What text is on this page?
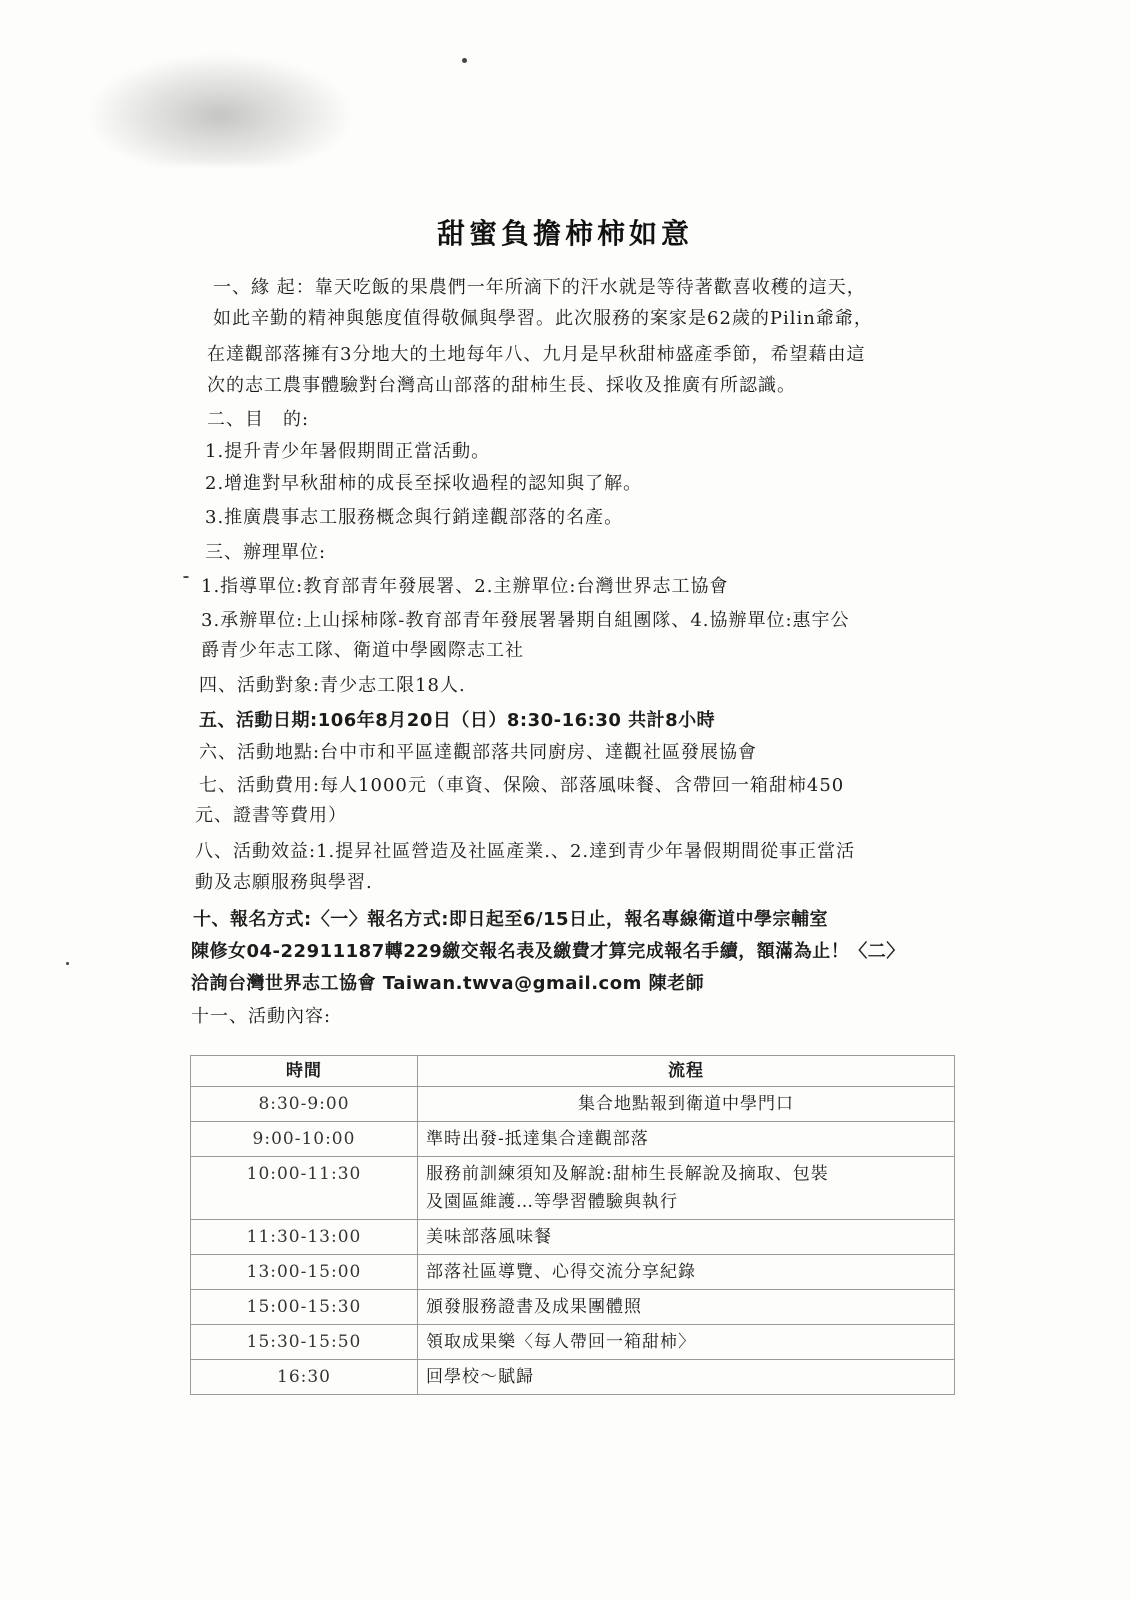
甜蜜負擔柿柿如意
一、緣 起：靠天吃飯的果農們一年所滴下的汗水就是等待著歡喜收穫的這天，
如此辛勤的精神與態度值得敬佩與學習。此次服務的案家是62歲的Pilin爺爺，
在達觀部落擁有3分地大的土地每年八、九月是早秋甜柿盛產季節，希望藉由這
次的志工農事體驗對台灣高山部落的甜柿生長、採收及推廣有所認識。
二、目　的:
1.提升青少年暑假期間正當活動。
2.增進對早秋甜柿的成長至採收過程的認知與了解。
3.推廣農事志工服務概念與行銷達觀部落的名產。
三、辦理單位:
1.指導單位:教育部青年發展署、2.主辦單位:台灣世界志工協會
3.承辦單位:上山採柿隊-教育部青年發展署暑期自組團隊、4.協辦單位:惠宇公
爵青少年志工隊、衛道中學國際志工社
四、活動對象:青少志工限18人.
五、活動日期:106年8月20日（日）8:30-16:30 共計8小時
六、活動地點:台中市和平區達觀部落共同廚房、達觀社區發展協會
七、活動費用:每人1000元（車資、保險、部落風味餐、含帶回一箱甜柿450
元、證書等費用）
八、活動效益:1.提昇社區營造及社區產業.、2.達到青少年暑假期間從事正當活
動及志願服務與學習.
十、報名方式:〈一〉報名方式:即日起至6/15日止，報名專線衛道中學宗輔室
陳修女04-22911187轉229繳交報名表及繳費才算完成報名手續，額滿為止！〈二〉
洽詢台灣世界志工協會 Taiwan.twva@gmail.com 陳老師
十一、活動內容:
時間	流程
8:30-9:00	集合地點報到衛道中學門口
9:00-10:00	準時出發-抵達集合達觀部落
10:00-11:30	服務前訓練須知及解說:甜柿生長解說及摘取、包裝
及園區維護…等學習體驗與執行

11:30-13:00	美味部落風味餐
13:00-15:00	部落社區導覽、心得交流分享紀錄
15:00-15:30	頒發服務證書及成果團體照
15:30-15:50	領取成果樂〈每人帶回一箱甜柿〉
16:30	回學校～賦歸
